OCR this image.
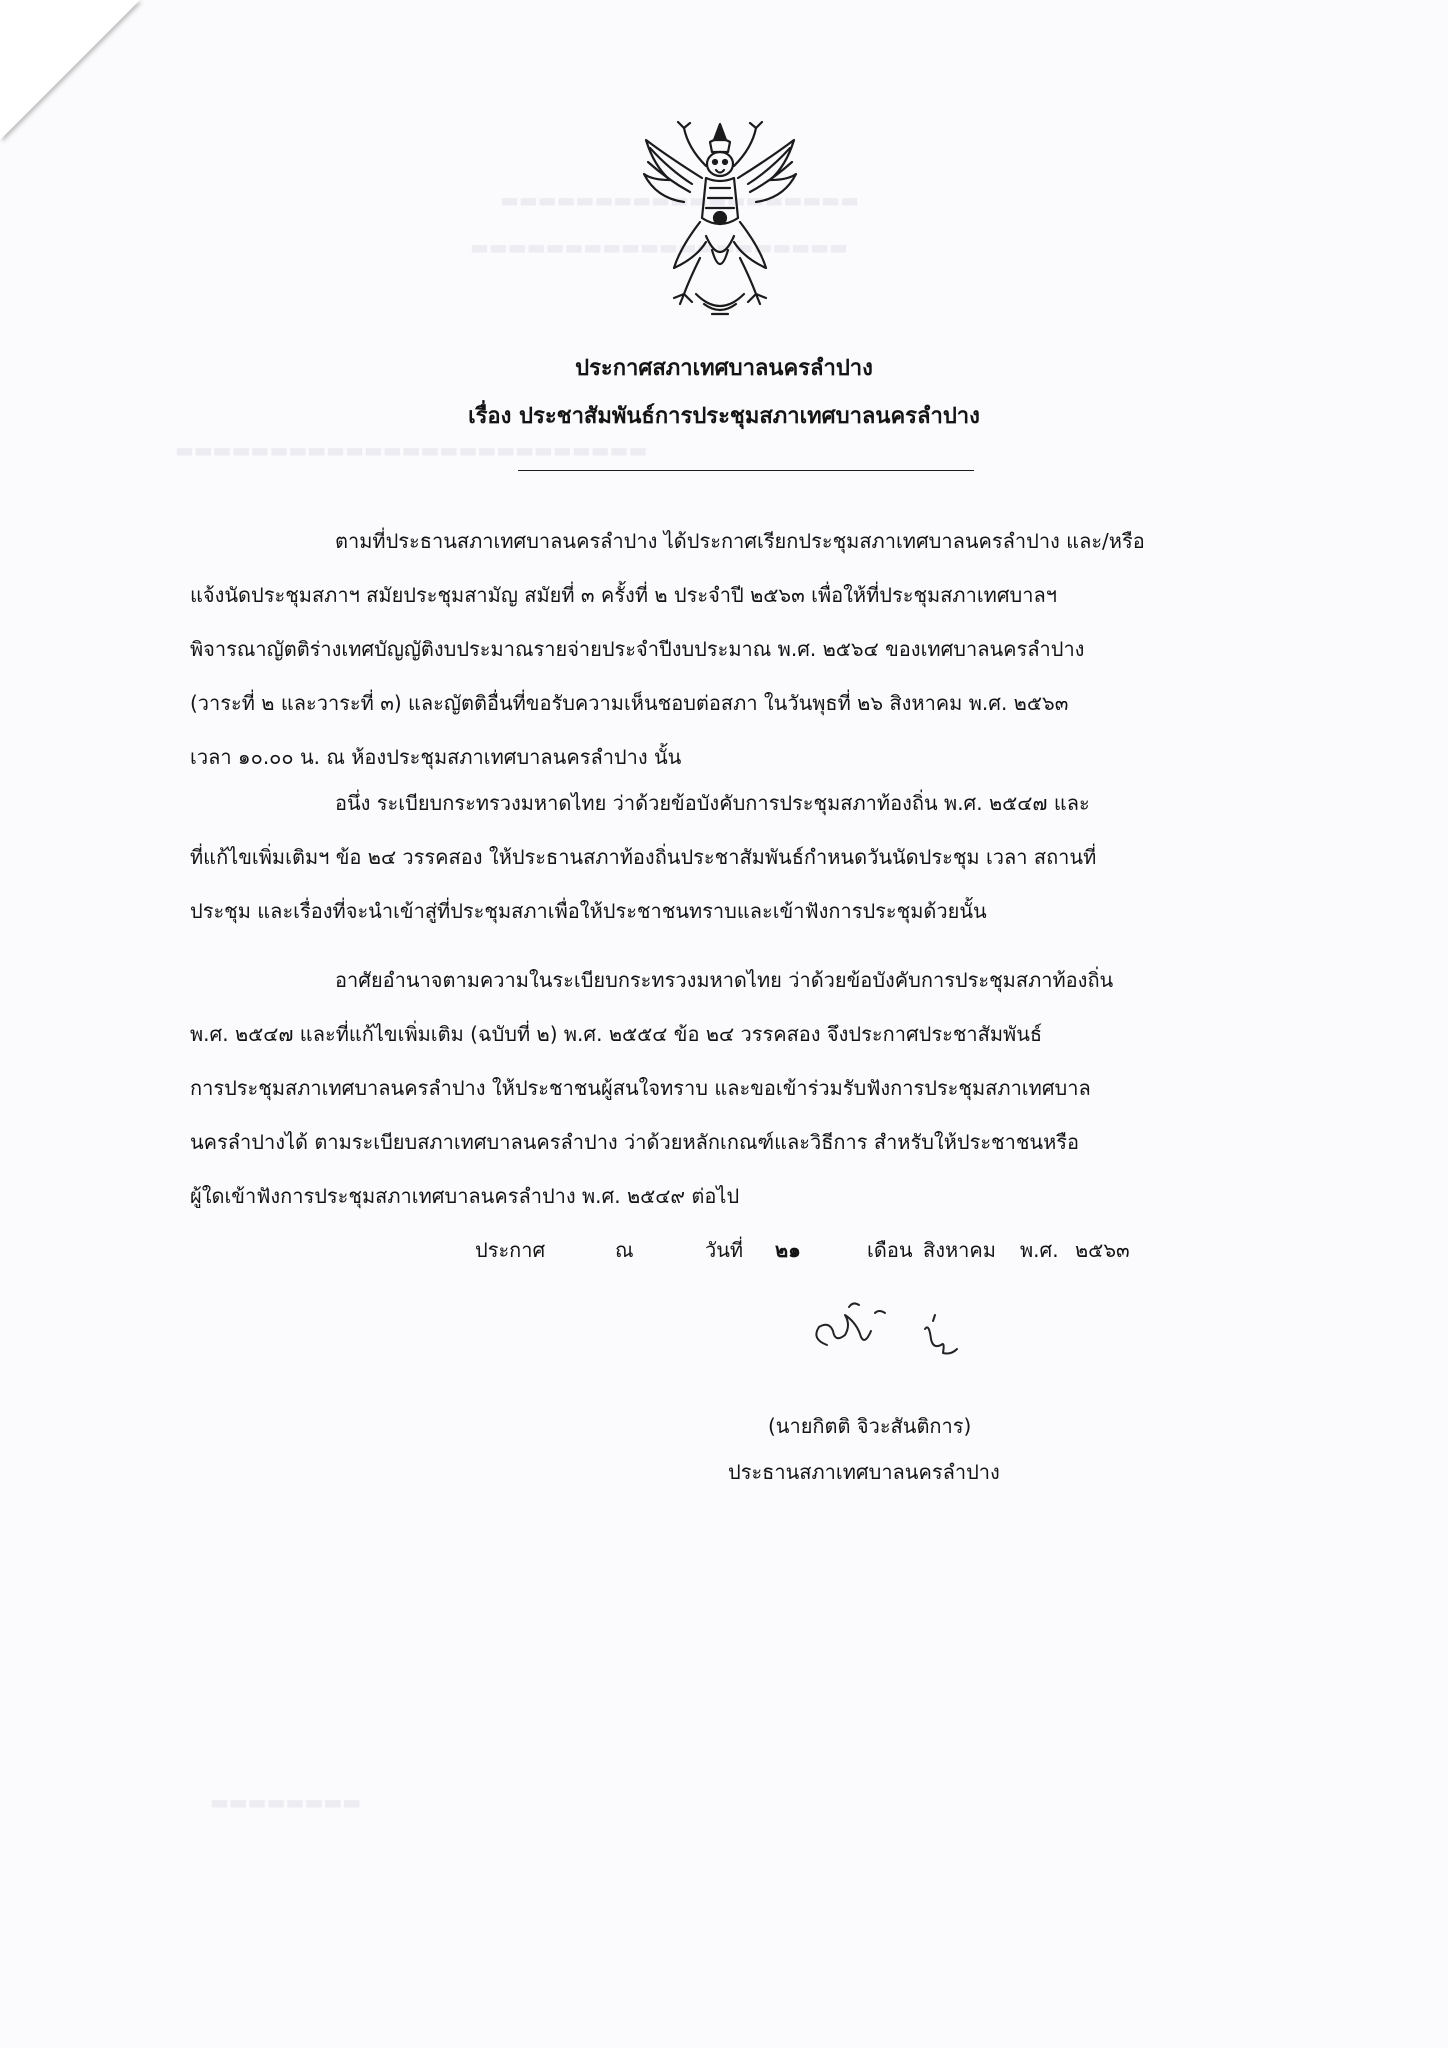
▬▬▬▬▬▬▬▬▬▬▬▬▬▬▬▬▬▬▬
▬▬▬▬▬▬▬▬▬▬▬▬▬▬▬▬▬▬▬▬
▬▬▬▬▬▬▬▬▬▬▬▬▬▬▬▬▬▬▬▬▬▬▬▬▬
▬▬▬▬▬▬▬▬
ประกาศสภาเทศบาลนครลำปาง
เรื่อง ประชาสัมพันธ์การประชุมสภาเทศบาลนครลำปาง
ตามที่ประธานสภาเทศบาลนครลำปาง ได้ประกาศเรียกประชุมสภาเทศบาลนครลำปาง และ/หรือ
แจ้งนัดประชุมสภาฯ สมัยประชุมสามัญ สมัยที่ ๓ ครั้งที่ ๒ ประจำปี ๒๕๖๓ เพื่อให้ที่ประชุมสภาเทศบาลฯ
พิจารณาญัตติร่างเทศบัญญัติงบประมาณรายจ่ายประจำปีงบประมาณ พ.ศ. ๒๕๖๔ ของเทศบาลนครลำปาง
(วาระที่ ๒ และวาระที่ ๓) และญัตติอื่นที่ขอรับความเห็นชอบต่อสภา ในวันพุธที่ ๒๖ สิงหาคม พ.ศ. ๒๕๖๓
เวลา ๑๐.๐๐ น. ณ ห้องประชุมสภาเทศบาลนครลำปาง นั้น
อนึ่ง ระเบียบกระทรวงมหาดไทย ว่าด้วยข้อบังคับการประชุมสภาท้องถิ่น พ.ศ. ๒๕๔๗ และ
ที่แก้ไขเพิ่มเติมฯ ข้อ ๒๔ วรรคสอง ให้ประธานสภาท้องถิ่นประชาสัมพันธ์กำหนดวันนัดประชุม เวลา สถานที่
ประชุม และเรื่องที่จะนำเข้าสู่ที่ประชุมสภาเพื่อให้ประชาชนทราบและเข้าฟังการประชุมด้วยนั้น
อาศัยอำนาจตามความในระเบียบกระทรวงมหาดไทย ว่าด้วยข้อบังคับการประชุมสภาท้องถิ่น
พ.ศ. ๒๕๔๗ และที่แก้ไขเพิ่มเติม (ฉบับที่ ๒) พ.ศ. ๒๕๕๔ ข้อ ๒๔ วรรคสอง จึงประกาศประชาสัมพันธ์
การประชุมสภาเทศบาลนครลำปาง ให้ประชาชนผู้สนใจทราบ และขอเข้าร่วมรับฟังการประชุมสภาเทศบาล
นครลำปางได้ ตามระเบียบสภาเทศบาลนครลำปาง ว่าด้วยหลักเกณฑ์และวิธีการ สำหรับให้ประชาชนหรือ
ผู้ใดเข้าฟังการประชุมสภาเทศบาลนครลำปาง พ.ศ. ๒๕๔๙ ต่อไป
ประกาศ	ณ	วันที่ ๒๑	เดือน สิงหาคม พ.ศ. ๒๕๖๓
(นายกิตติ จิวะสันติการ)
ประธานสภาเทศบาลนครลำปาง
